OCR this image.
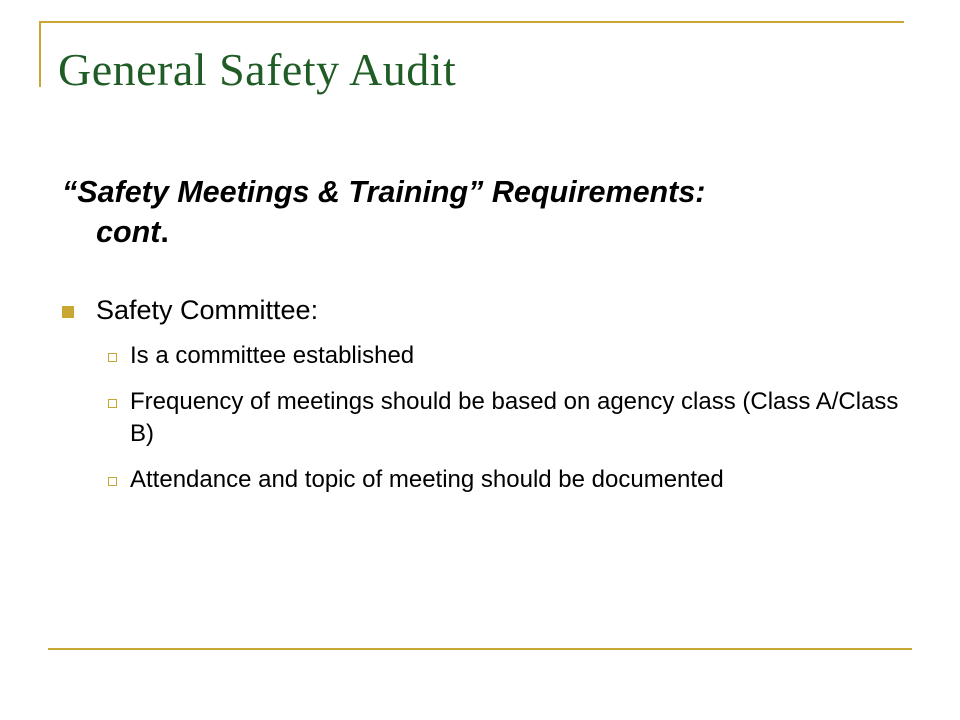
General Safety Audit

“Safety Meetings & Training” Requirements:
cont.

Safety Committee:
Is a committee established
Frequency of meetings should be based on agency class (Class A/Class B)
Attendance and topic of meeting should be documented
